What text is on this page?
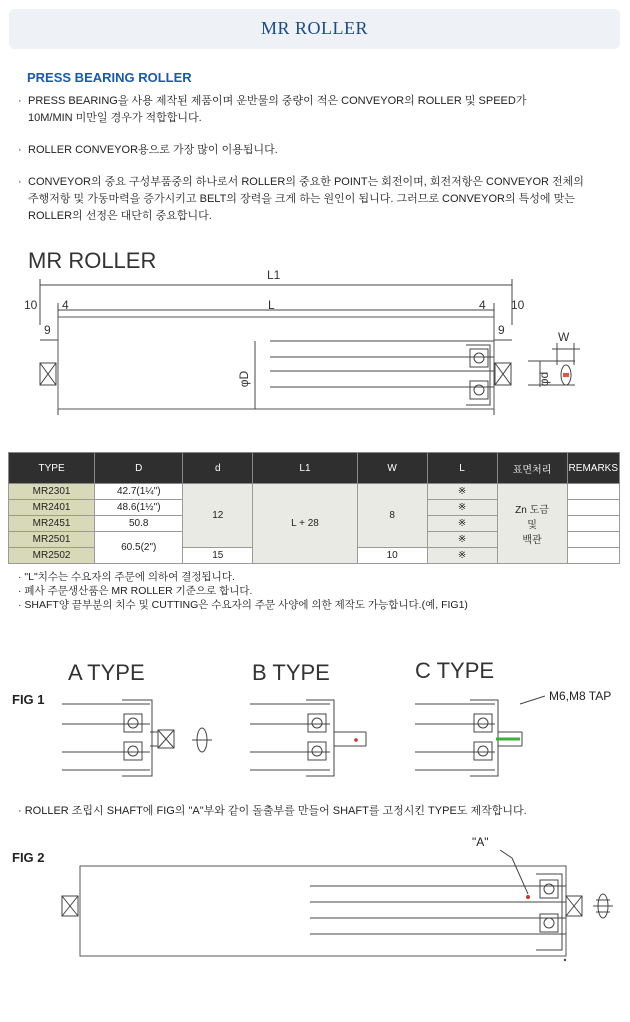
MR ROLLER
PRESS BEARING ROLLER
· PRESS BEARING을 사용 제작된 제품이며 운반물의 중량이 적은 CONVEYOR의 ROLLER 및 SPEED가
10M/MIN 미만일 경우가 적합합니다.
· ROLLER CONVEYOR용으로 가장 많이 이용됩니다.
· CONVEYOR의 중요 구성부품중의 하나로서 ROLLER의 중요한 POINT는 회전이며, 회전저항은 CONVEYOR 전체의
주행저항 및 가동마력을 증가시키고 BELT의 장력을 크게 하는 원인이 됩니다. 그러므로 CONVEYOR의 특성에 맞는
ROLLER의 선정은 대단히 중요합니다.
MR ROLLER
L1
L
10 4
9
4 10
9	W
φD	φd
TYPE	D	d	L1	W	L	표면처리	REMARKS
MR2301	42.7(1¼")	12	L + 28	8	※	Zn 도금
및
백관	

MR2401	48.6(1½")				※		
MR2451	50.8				※		
MR2501	60.5(2")				※		
MR2502		15		10	※		
· "L"치수는 수요자의 주문에 의하여 결정됩니다.
· 폐사 주문생산품은 MR ROLLER 기준으로 합니다.
· SHAFT양 끝부분의 치수 및 CUTTING은 수요자의 주문 사양에 의한 제작도 가능합니다.(예, FIG1)
A TYPE	B TYPE	C TYPE
FIG 1	M6,M8 TAP
· ROLLER 조립시 SHAFT에 FIG의 "A"부와 같이 돌출부를 만들어 SHAFT를 고정시킨 TYPE도 제작합니다.
FIG 2
"A"
